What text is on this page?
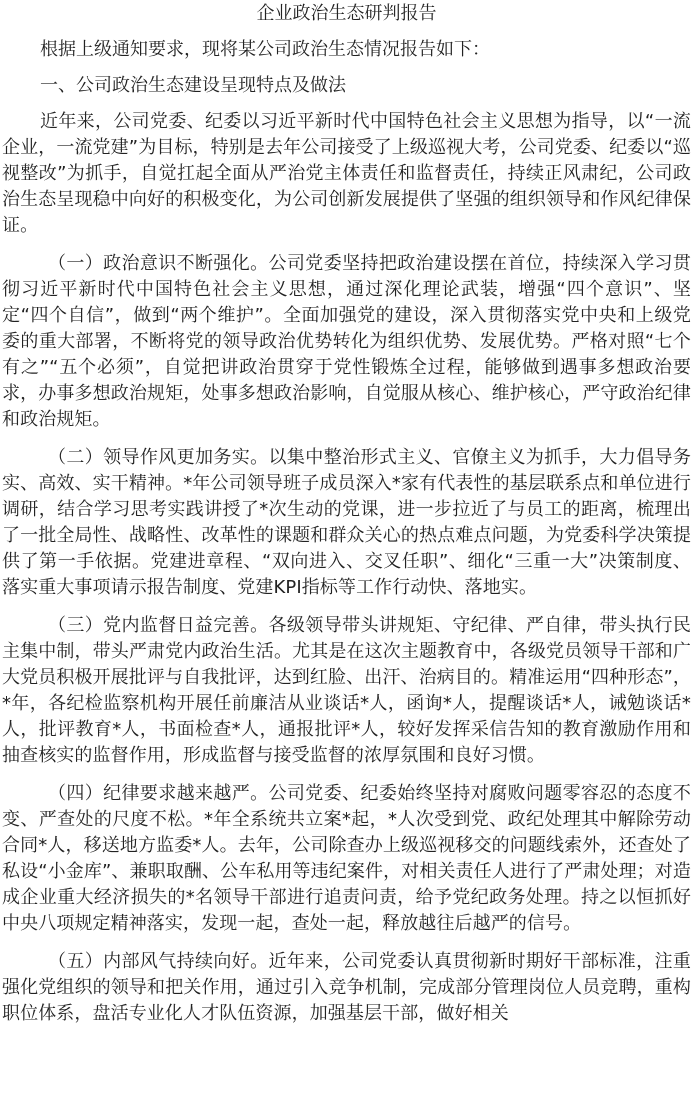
企业政治生态研判报告
根据上级通知要求，现将某公司政治生态情况报告如下：
一、公司政治生态建设呈现特点及做法
近年来，公司党委、纪委以习近平新时代中国特色社会主义思想为指导，以“一流企业，一流党建”为目标，特别是去年公司接受了上级巡视大考，公司党委、纪委以“巡视整改”为抓手，自觉扛起全面从严治党主体责任和监督责任，持续正风肃纪，公司政治生态呈现稳中向好的积极变化，为公司创新发展提供了坚强的组织领导和作风纪律保证。
（一）政治意识不断强化。公司党委坚持把政治建设摆在首位，持续深入学习贯彻习近平新时代中国特色社会主义思想，通过深化理论武装，增强“四个意识”、坚定“四个自信”，做到“两个维护”。全面加强党的建设，深入贯彻落实党中央和上级党委的重大部署，不断将党的领导政治优势转化为组织优势、发展优势。严格对照“七个有之”“五个必须”，自觉把讲政治贯穿于党性锻炼全过程，能够做到遇事多想政治要求，办事多想政治规矩，处事多想政治影响，自觉服从核心、维护核心，严守政治纪律和政治规矩。
（二）领导作风更加务实。以集中整治形式主义、官僚主义为抓手，大力倡导务实、高效、实干精神。*年公司领导班子成员深入*家有代表性的基层联系点和单位进行调研，结合学习思考实践讲授了*次生动的党课，进一步拉近了与员工的距离，梳理出了一批全局性、战略性、改革性的课题和群众关心的热点难点问题，为党委科学决策提供了第一手依据。党建进章程、“双向进入、交叉任职”、细化“三重一大”决策制度、落实重大事项请示报告制度、党建KPI指标等工作行动快、落地实。
（三）党内监督日益完善。各级领导带头讲规矩、守纪律、严自律，带头执行民主集中制，带头严肃党内政治生活。尤其是在这次主题教育中，各级党员领导干部和广大党员积极开展批评与自我批评，达到红脸、出汗、治病目的。精准运用“四种形态”，*年，各纪检监察机构开展任前廉洁从业谈话*人，函询*人，提醒谈话*人，诫勉谈话*人，批评教育*人，书面检查*人，通报批评*人，较好发挥采信告知的教育激励作用和抽查核实的监督作用，形成监督与接受监督的浓厚氛围和良好习惯。
（四）纪律要求越来越严。公司党委、纪委始终坚持对腐败问题零容忍的态度不变、严查处的尺度不松。*年全系统共立案*起，*人次受到党、政纪处理其中解除劳动合同*人，移送地方监委*人。去年，公司除查办上级巡视移交的问题线索外，还查处了私设“小金库”、兼职取酬、公车私用等违纪案件，对相关责任人进行了严肃处理；对造成企业重大经济损失的*名领导干部进行追责问责，给予党纪政务处理。持之以恒抓好中央八项规定精神落实，发现一起，查处一起，释放越往后越严的信号。
（五）内部风气持续向好。近年来，公司党委认真贯彻新时期好干部标准，注重强化党组织的领导和把关作用，通过引入竞争机制，完成部分管理岗位人员竞聘，重构职位体系，盘活专业化人才队伍资源，加强基层干部，做好相关
